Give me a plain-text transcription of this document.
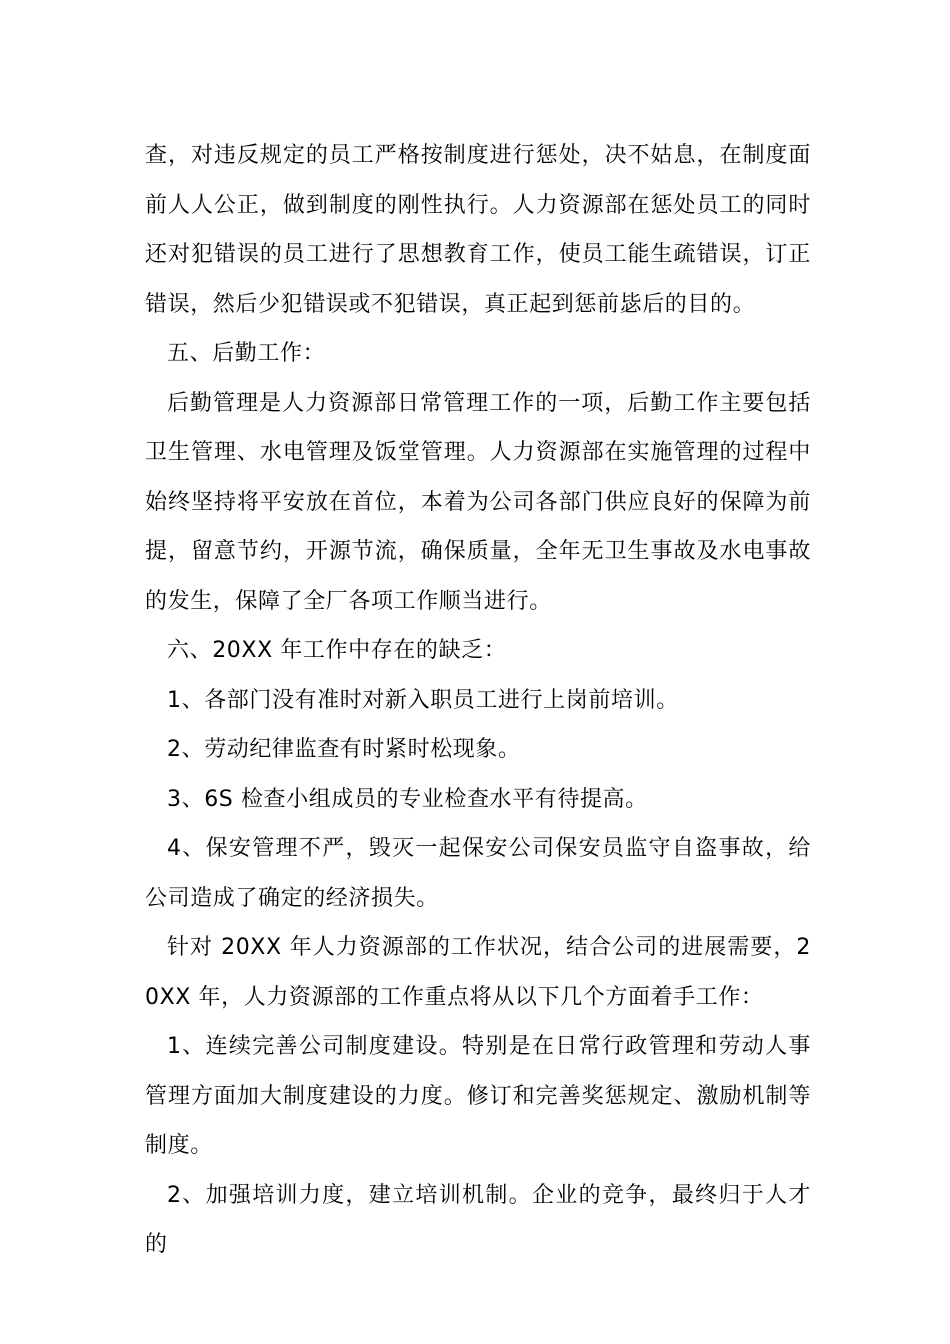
查，对违反规定的员工严格按制度进行惩处，决不姑息，在制度面前人人公正，做到制度的刚性执行。人力资源部在惩处员工的同时还对犯错误的员工进行了思想教育工作，使员工能生疏错误，订正错误，然后少犯错误或不犯错误，真正起到惩前毖后的目的。

五、后勤工作：

后勤管理是人力资源部日常管理工作的一项，后勤工作主要包括卫生管理、水电管理及饭堂管理。人力资源部在实施管理的过程中始终坚持将平安放在首位，本着为公司各部门供应良好的保障为前提，留意节约，开源节流，确保质量，全年无卫生事故及水电事故的发生，保障了全厂各项工作顺当进行。

六、20XX 年工作中存在的缺乏：

1、各部门没有准时对新入职员工进行上岗前培训。

2、劳动纪律监查有时紧时松现象。

3、6S 检查小组成员的专业检查水平有待提高。

4、保安管理不严，毁灭一起保安公司保安员监守自盗事故，给公司造成了确定的经济损失。

针对 20XX 年人力资源部的工作状况，结合公司的进展需要，20XX 年，人力资源部的工作重点将从以下几个方面着手工作：

1、连续完善公司制度建设。特别是在日常行政管理和劳动人事管理方面加大制度建设的力度。修订和完善奖惩规定、激励机制等制度。

2、加强培训力度，建立培训机制。企业的竞争，最终归于人才的
